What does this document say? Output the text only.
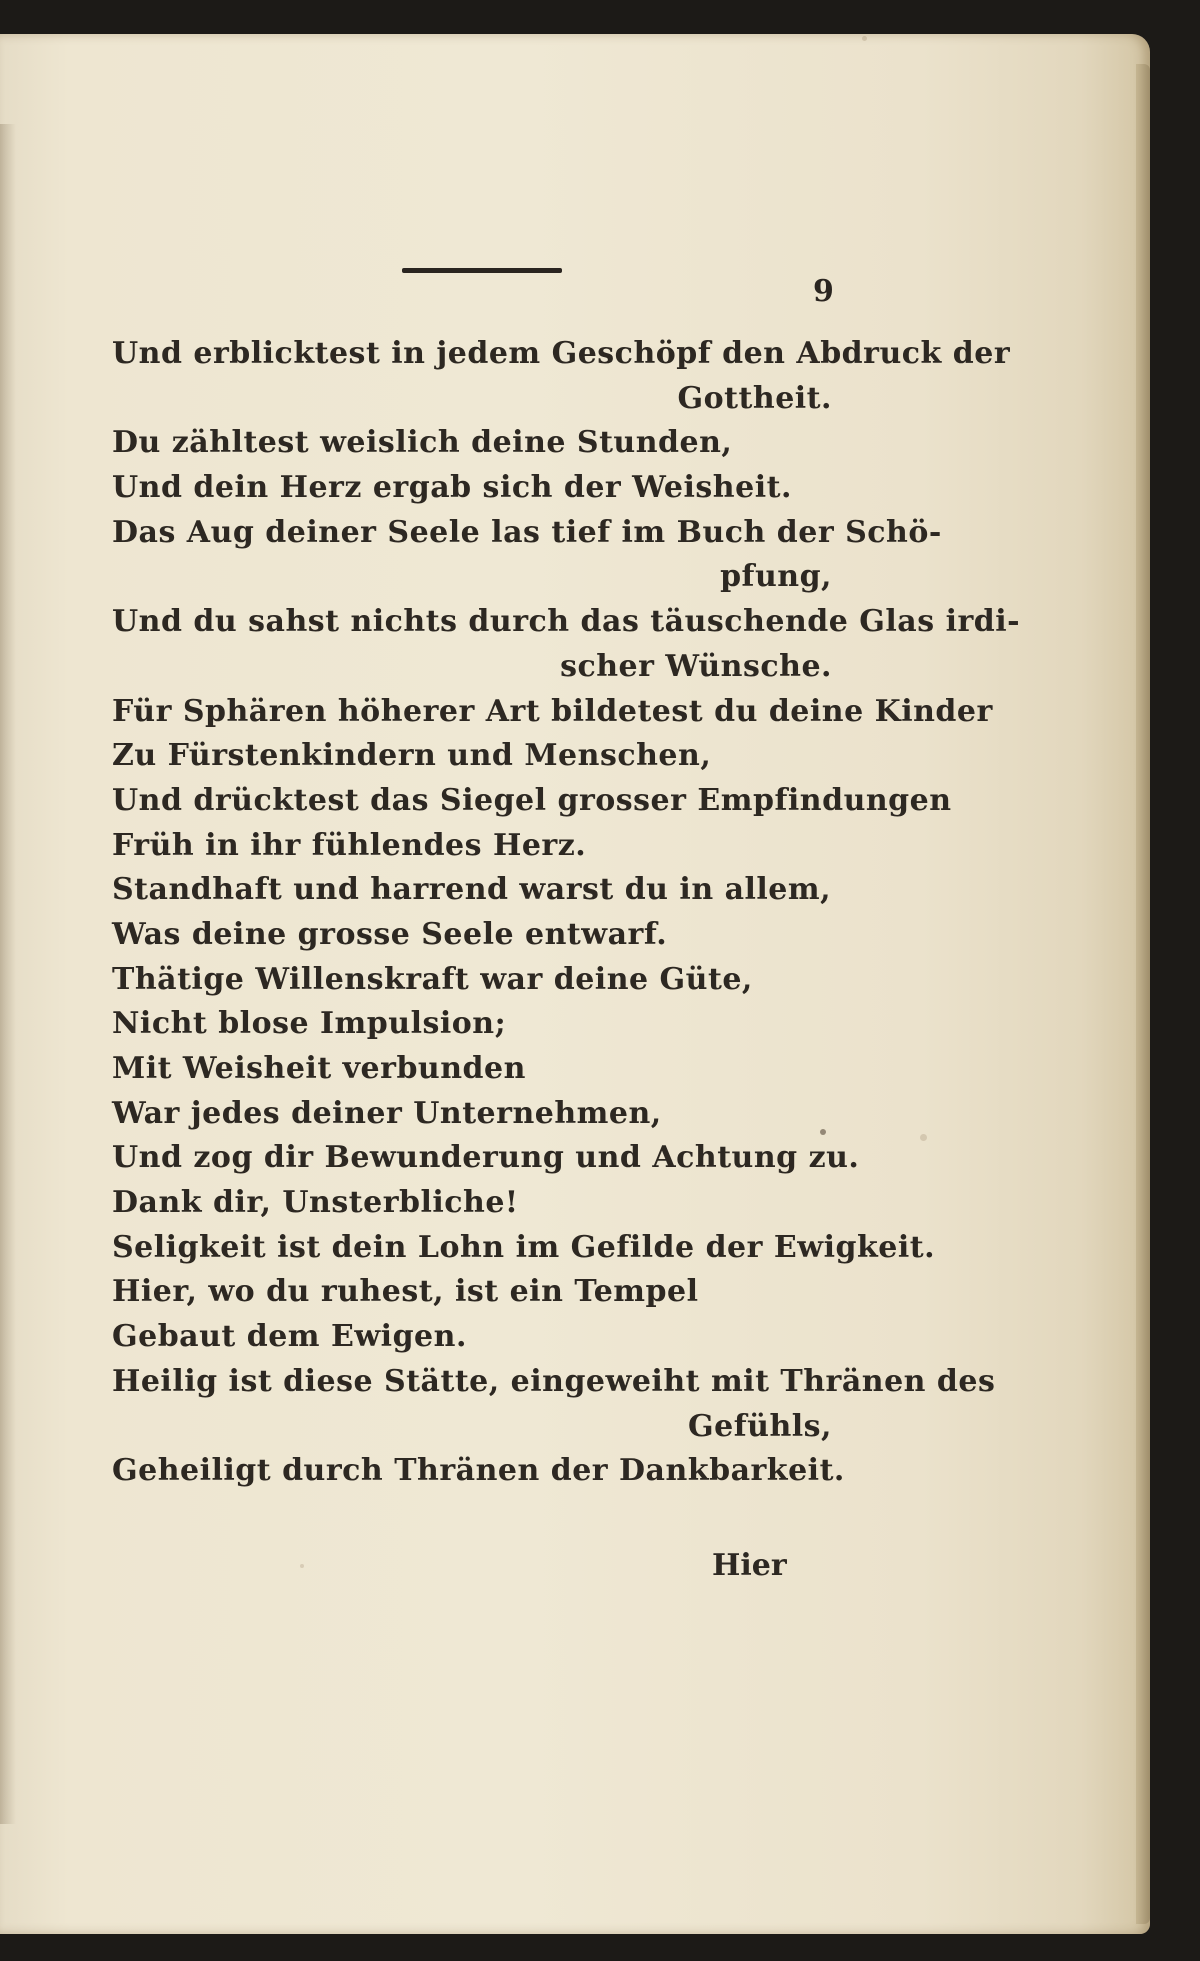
9
Und erblicktest in jedem Geschöpf den Abdruck der
Gottheit.
Du zähltest weislich deine Stunden,
Und dein Herz ergab sich der Weisheit.
Das Aug deiner Seele las tief im Buch der Schö-
pfung,
Und du sahst nichts durch das täuschende Glas irdi-
scher Wünsche.
Für Sphären höherer Art bildetest du deine Kinder
Zu Fürstenkindern und Menschen,
Und drücktest das Siegel grosser Empfindungen
Früh in ihr fühlendes Herz.
Standhaft und harrend warst du in allem,
Was deine grosse Seele entwarf.
Thätige Willenskraft war deine Güte,
Nicht blose Impulsion;
Mit Weisheit verbunden
War jedes deiner Unternehmen,
Und zog dir Bewunderung und Achtung zu.
Dank dir, Unsterbliche!
Seligkeit ist dein Lohn im Gefilde der Ewigkeit.
Hier, wo du ruhest, ist ein Tempel
Gebaut dem Ewigen.
Heilig ist diese Stätte, eingeweiht mit Thränen des
Gefühls,
Geheiligt durch Thränen der Dankbarkeit.
Hier
